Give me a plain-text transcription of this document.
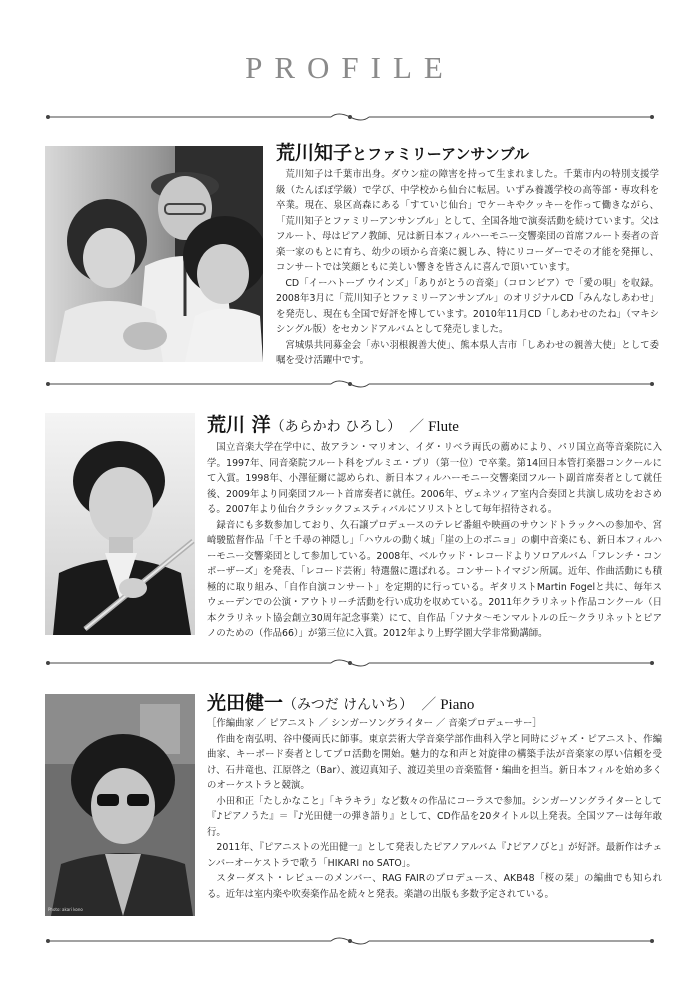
PROFILE
荒川知子とファミリーアンサンブル

荒川知子は千葉市出身。ダウン症の障害を持って生まれました。千葉市内の特別支援学級（たんぽぽ学級）で学び、中学校から仙台に転居。いずみ養護学校の高等部・専攻科を卒業。現在、泉区高森にある「すていじ仙台」でケーキやクッキーを作って働きながら、「荒川知子とファミリーアンサンブル」として、全国各地で演奏活動を続けています。父はフルート、母はピアノ教師、兄は新日本フィルハーモニー交響楽団の首席フルート奏者の音楽一家のもとに育ち、幼少の頃から音楽に親しみ、特にリコーダーでその才能を発揮し、コンサートでは笑顔ともに美しい響きを皆さんに喜んで頂いています。

CD「イーハトーブ ウインズ」「ありがとうの音楽」（コロンビア）で「愛の唄」を収録。2008年3月に「荒川知子とファミリーアンサンブル」のオリジナルCD「みんなしあわせ」を発売し、現在も全国で好評を博しています。2010年11月CD「しあわせのたね」（マキシシングル版）をセカンドアルバムとして発売しました。

宮城県共同募金会「赤い羽根親善大使」、熊本県人吉市「しあわせの親善大使」として委嘱を受け活躍中です。

荒川 洋（あらかわ ひろし） ／ Flute

国立音楽大学在学中に、故アラン・マリオン、イダ・リベラ両氏の薦めにより、パリ国立高等音楽院に入学。1997年、同音楽院フルート科をプルミエ・プリ（第一位）で卒業。第14回日本管打楽器コンクールにて入賞。1998年、小澤征爾に認められ、新日本フィルハーモニー交響楽団フルート副首席奏者として就任後、2009年より同楽団フルート首席奏者に就任。2006年、ヴェネツィア室内合奏団と共演し成功をおさめる。2007年より仙台クラシックフェスティバルにソリストとして毎年招待される。

録音にも多数参加しており、久石譲プロデュースのテレビ番組や映画のサウンドトラックへの参加や、宮崎駿監督作品「千と千尋の神隠し」「ハウルの動く城」「崖の上のポニョ」の劇中音楽にも、新日本フィルハーモニー交響楽団として参加している。2008年、ベルウッド・レコードよりソロアルバム「フレンチ・コンポーザーズ」を発表、「レコード芸術」特選盤に選ばれる。コンサートイマジン所属。近年、作曲活動にも積極的に取り組み、「自作自演コンサート」を定期的に行っている。ギタリストMartin Fogelと共に、毎年スウェーデンでの公演・アウトリーチ活動を行い成功を収めている。2011年クラリネット作品コンクール（日本クラリネット協会創立30周年記念事業）にて、自作品「ソナタ～モンマルトルの丘～クラリネットとピアノのための（作品66）」が第三位に入賞。2012年より上野学園大学非常勤講師。

Photo: akari kono
光田健一（みつだ けんいち） ／ Piano

［作編曲家 ／ ピアニスト ／ シンガーソングライター ／ 音楽プロデューサー］

作曲を南弘明、谷中優両氏に師事。東京芸術大学音楽学部作曲科入学と同時にジャズ・ピアニスト、作編曲家、キーボード奏者としてプロ活動を開始。魅力的な和声と対旋律の構築手法が音楽家の厚い信頼を受け、石井竜也、江原啓之（Bar）、渡辺真知子、渡辺美里の音楽監督・編曲を担当。新日本フィルを始め多くのオーケストラと競演。

小田和正「たしかなこと」「キラキラ」など数々の作品にコーラスで参加。シンガーソングライターとして『♪ピアノうた』＝『♪光田健一の弾き語り』として、CD作品を20タイトル以上発表。全国ツアーは毎年敢行。

2011年、『ピアニストの光田健一』として発表したピアノアルバム『♪ピアノびと』が好評。最新作はチェンバーオーケストラで歌う「HIKARI no SATO」。

スターダスト・レビューのメンバー、RAG FAIRのプロデュース、AKB48「桜の栞」の編曲でも知られる。近年は室内楽や吹奏楽作品を続々と発表。楽譜の出版も多数予定されている。
